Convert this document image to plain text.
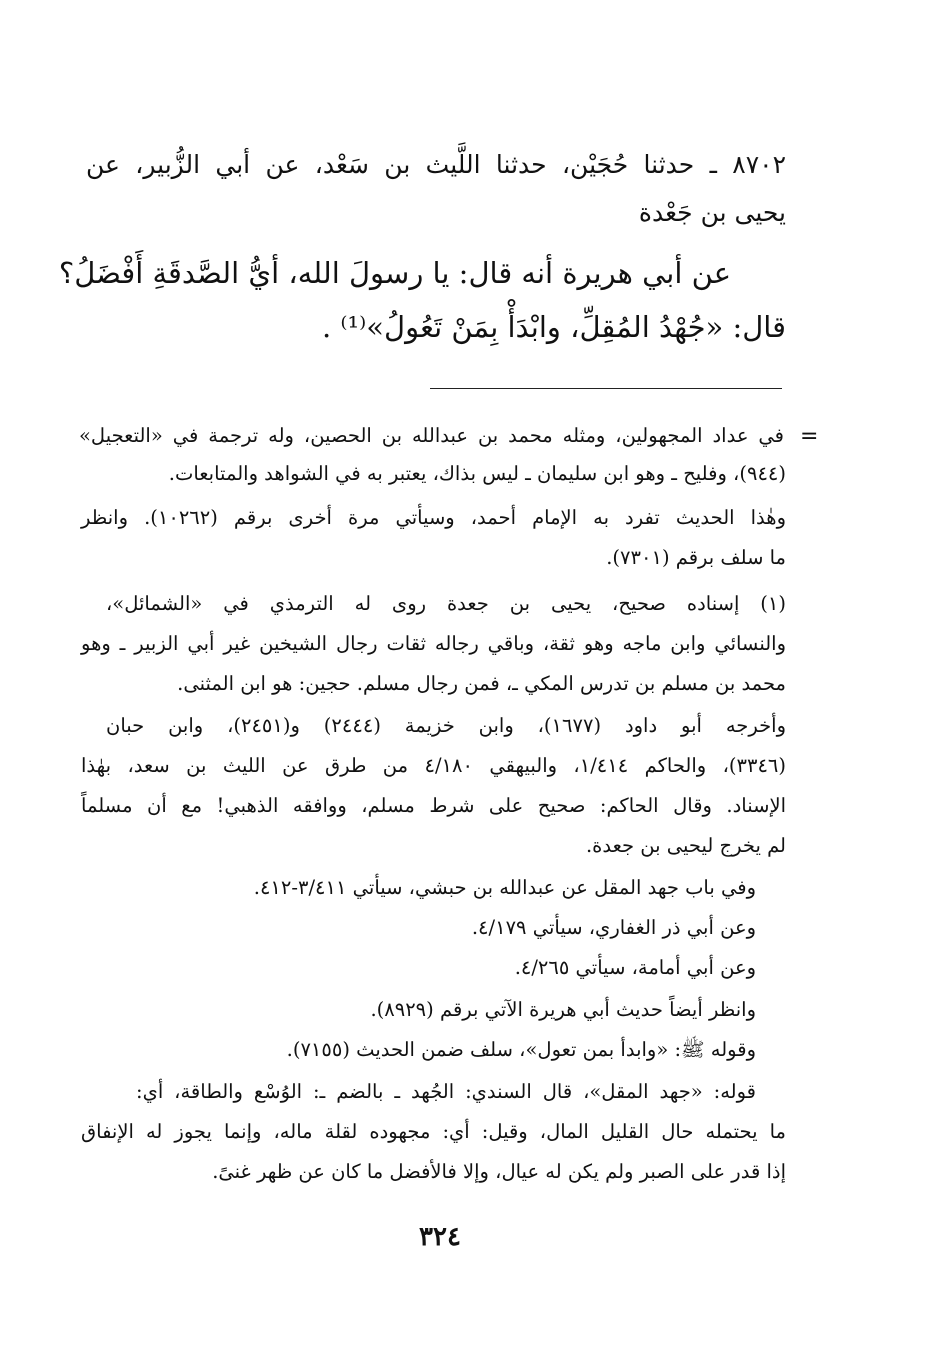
٨٧٠٢ ـ حدثنا حُجَيْن، حدثنا اللَّيث بن سَعْد، عن أبي الزُّبير، عن
يحيى بن جَعْدة
عن أبي هريرة أنه قال: يا رسولَ الله، أيُّ الصَّدقَةِ أَفْضَلُ؟
قال: «جُهْدُ المُقِلِّ، وابْدَأْ بِمَنْ تَعُولُ»⁽¹⁾ .
=
في عداد المجهولين، ومثله محمد بن عبدالله بن الحصين، وله ترجمة في «التعجيل»
(٩٤٤)، وفليح ـ وهو ابن سليمان ـ ليس بذاك، يعتبر به في الشواهد والمتابعات.
وهٰذا الحديث تفرد به الإمام أحمد، وسيأتي مرة أخرى برقم (١٠٢٦٢). وانظر
ما سلف برقم (٧٣٠١).
(١) إسناده صحيح، يحيى بن جعدة روى له الترمذي في «الشمائل»،
والنسائي وابن ماجه وهو ثقة، وباقي رجاله ثقات رجال الشيخين غير أبي الزبير ـ وهو
محمد بن مسلم بن تدرس المكي ـ، فمن رجال مسلم. حجين: هو ابن المثنى.
وأخرجه أبو داود (١٦٧٧)، وابن خزيمة (٢٤٤٤) و(٢٤٥١)، وابن حبان
(٣٣٤٦)، والحاكم ١/٤١٤، والبيهقي ٤/١٨٠ من طرق عن الليث بن سعد، بهٰذا
الإسناد. وقال الحاكم: صحيح على شرط مسلم، ووافقه الذهبي! مع أن مسلماً
لم يخرج ليحيى بن جعدة.
وفي باب جهد المقل عن عبدالله بن حبشي، سيأتي ٣/٤١١-٤١٢.
وعن أبي ذر الغفاري، سيأتي ٤/١٧٩.
وعن أبي أمامة، سيأتي ٤/٢٦٥.
وانظر أيضاً حديث أبي هريرة الآتي برقم (٨٩٢٩).
وقوله ﷺ: «وابدأ بمن تعول»، سلف ضمن الحديث (٧١٥٥).
قوله: «جهد المقل»، قال السندي: الجُهد ـ بالضم ـ: الوُسْع والطاقة، أي:
ما يحتمله حال القليل المال، وقيل: أي: مجهوده لقلة ماله، وإنما يجوز له الإنفاق
إذا قدر على الصبر ولم يكن له عيال، وإلا فالأفضل ما كان عن ظهر غنىً.
٣٢٤
